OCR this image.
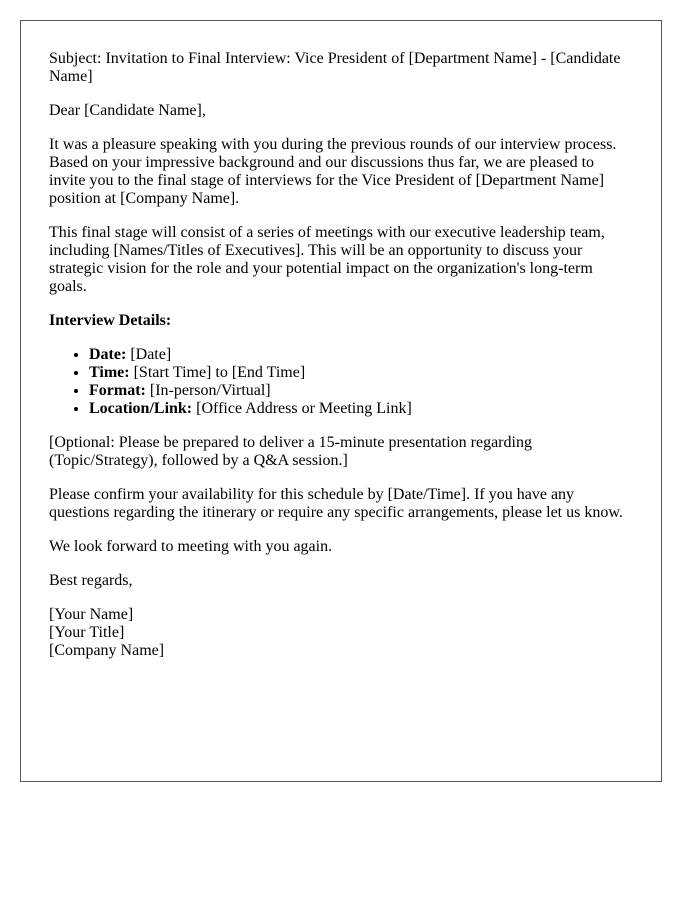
Subject: Invitation to Final Interview: Vice President of [Department Name] - [Candidate Name]

Dear [Candidate Name],

It was a pleasure speaking with you during the previous rounds of our interview process. Based on your impressive background and our discussions thus far, we are pleased to invite you to the final stage of interviews for the Vice President of [Department Name] position at [Company Name].

This final stage will consist of a series of meetings with our executive leadership team, including [Names/Titles of Executives]. This will be an opportunity to discuss your strategic vision for the role and your potential impact on the organization's long-term goals.

Interview Details:

• Date: [Date]
• Time: [Start Time] to [End Time]
• Format: [In-person/Virtual]
• Location/Link: [Office Address or Meeting Link]

[Optional: Please be prepared to deliver a 15-minute presentation regarding (Topic/Strategy), followed by a Q&A session.]

Please confirm your availability for this schedule by [Date/Time]. If you have any questions regarding the itinerary or require any specific arrangements, please let us know.

We look forward to meeting with you again.

Best regards,

[Your Name]
[Your Title]
[Company Name]
